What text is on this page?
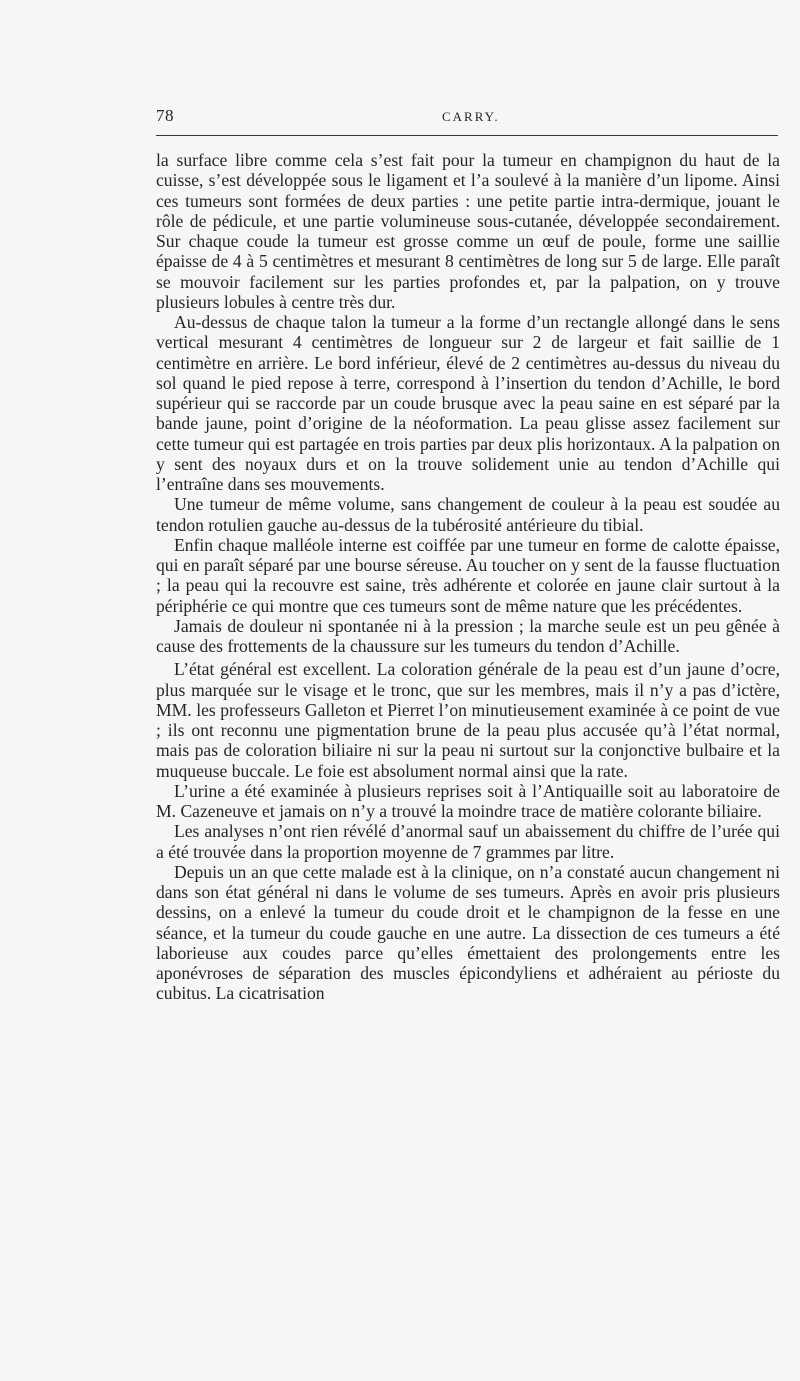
78	CARRY.

la surface libre comme cela s’est fait pour la tumeur en champignon du haut de la cuisse, s’est développée sous le ligament et l’a soulevé à la manière d’un lipome. Ainsi ces tumeurs sont formées de deux parties : une petite partie intra-dermique, jouant le rôle de pédicule, et une partie volumineuse sous-cutanée, développée secondairement. Sur chaque coude la tumeur est grosse comme un œuf de poule, forme une saillie épaisse de 4 à 5 centimètres et mesurant 8 centimètres de long sur 5 de large. Elle paraît se mouvoir facilement sur les parties profondes et, par la palpation, on y trouve plusieurs lobules à centre très dur.

Au-dessus de chaque talon la tumeur a la forme d’un rectangle allongé dans le sens vertical mesurant 4 centimètres de longueur sur 2 de largeur et fait saillie de 1 centimètre en arrière. Le bord inférieur, élevé de 2 centimètres au-dessus du niveau du sol quand le pied repose à terre, correspond à l’insertion du tendon d’Achille, le bord supérieur qui se raccorde par un coude brusque avec la peau saine en est séparé par la bande jaune, point d’origine de la néoformation. La peau glisse assez facilement sur cette tumeur qui est partagée en trois parties par deux plis horizontaux. A la palpation on y sent des noyaux durs et on la trouve solidement unie au tendon d’Achille qui l’entraîne dans ses mouvements.

Une tumeur de même volume, sans changement de couleur à la peau est soudée au tendon rotulien gauche au-dessus de la tubérosité antérieure du tibial.

Enfin chaque malléole interne est coiffée par une tumeur en forme de calotte épaisse, qui en paraît séparé par une bourse séreuse. Au toucher on y sent de la fausse fluctuation ; la peau qui la recouvre est saine, très adhérente et colorée en jaune clair surtout à la périphérie ce qui montre que ces tumeurs sont de même nature que les précédentes.

Jamais de douleur ni spontanée ni à la pression ; la marche seule est un peu gênée à cause des frottements de la chaussure sur les tumeurs du tendon d’Achille.

L’état général est excellent. La coloration générale de la peau est d’un jaune d’ocre, plus marquée sur le visage et le tronc, que sur les membres, mais il n’y a pas d’ictère, MM. les professeurs Galleton et Pierret l’on minutieusement examinée à ce point de vue ; ils ont reconnu une pigmentation brune de la peau plus accusée qu’à l’état normal, mais pas de coloration biliaire ni sur la peau ni surtout sur la conjonctive bulbaire et la muqueuse buccale. Le foie est absolument normal ainsi que la rate.

L’urine a été examinée à plusieurs reprises soit à l’Antiquaille soit au laboratoire de M. Cazeneuve et jamais on n’y a trouvé la moindre trace de matière colorante biliaire.

Les analyses n’ont rien révélé d’anormal sauf un abaissement du chiffre de l’urée qui a été trouvée dans la proportion moyenne de 7 grammes par litre.

Depuis un an que cette malade est à la clinique, on n’a constaté aucun changement ni dans son état général ni dans le volume de ses tumeurs. Après en avoir pris plusieurs dessins, on a enlevé la tumeur du coude droit et le champignon de la fesse en une séance, et la tumeur du coude gauche en une autre. La dissection de ces tumeurs a été laborieuse aux coudes parce qu’elles émettaient des prolongements entre les aponévroses de séparation des muscles épicondyliens et adhéraient au périoste du cubitus. La cicatrisation
